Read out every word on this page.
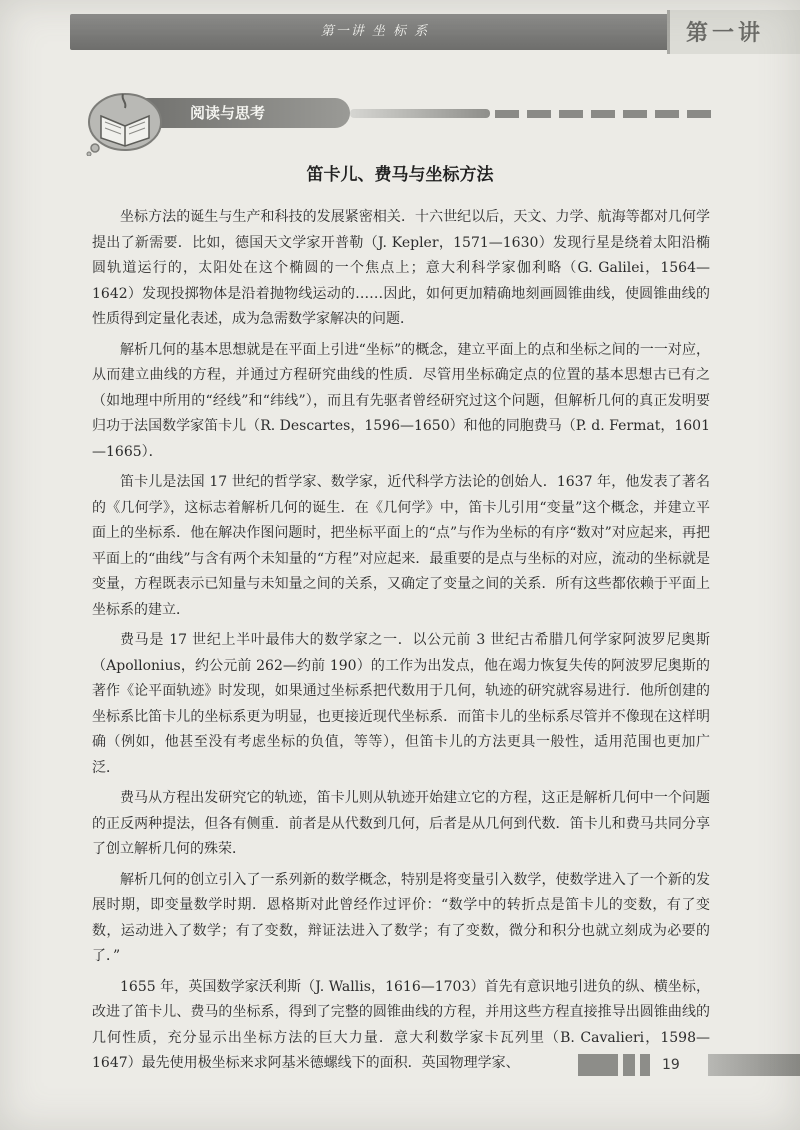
第一讲 坐 标 系	第一讲
阅读与思考
笛卡儿、费马与坐标方法

坐标方法的诞生与生产和科技的发展紧密相关．十六世纪以后，天文、力学、航海等都对几何学提出了新需要．比如，德国天文学家开普勒（J. Kepler，1571—1630）发现行星是绕着太阳沿椭圆轨道运行的，太阳处在这个椭圆的一个焦点上；意大利科学家伽利略（G. Galilei，1564—1642）发现投掷物体是沿着抛物线运动的……因此，如何更加精确地刻画圆锥曲线，使圆锥曲线的性质得到定量化表述，成为急需数学家解决的问题．

解析几何的基本思想就是在平面上引进“坐标”的概念，建立平面上的点和坐标之间的一一对应，从而建立曲线的方程，并通过方程研究曲线的性质．尽管用坐标确定点的位置的基本思想古已有之（如地理中所用的“经线”和“纬线”），而且有先驱者曾经研究过这个问题，但解析几何的真正发明要归功于法国数学家笛卡儿（R. Descartes，1596—1650）和他的同胞费马（P. d. Fermat，1601—1665）．

笛卡儿是法国 17 世纪的哲学家、数学家，近代科学方法论的创始人．1637 年，他发表了著名的《几何学》，这标志着解析几何的诞生．在《几何学》中，笛卡儿引用“变量”这个概念，并建立平面上的坐标系．他在解决作图问题时，把坐标平面上的“点”与作为坐标的有序“数对”对应起来，再把平面上的“曲线”与含有两个未知量的“方程”对应起来．最重要的是点与坐标的对应，流动的坐标就是变量，方程既表示已知量与未知量之间的关系，又确定了变量之间的关系．所有这些都依赖于平面上坐标系的建立．

费马是 17 世纪上半叶最伟大的数学家之一．以公元前 3 世纪古希腊几何学家阿波罗尼奥斯（Apollonius，约公元前 262—约前 190）的工作为出发点，他在竭力恢复失传的阿波罗尼奥斯的著作《论平面轨迹》时发现，如果通过坐标系把代数用于几何，轨迹的研究就容易进行．他所创建的坐标系比笛卡儿的坐标系更为明显，也更接近现代坐标系．而笛卡儿的坐标系尽管并不像现在这样明确（例如，他甚至没有考虑坐标的负值，等等），但笛卡儿的方法更具一般性，适用范围也更加广泛．

费马从方程出发研究它的轨迹，笛卡儿则从轨迹开始建立它的方程，这正是解析几何中一个问题的正反两种提法，但各有侧重．前者是从代数到几何，后者是从几何到代数．笛卡儿和费马共同分享了创立解析几何的殊荣．

解析几何的创立引入了一系列新的数学概念，特别是将变量引入数学，使数学进入了一个新的发展时期，即变量数学时期．恩格斯对此曾经作过评价：“数学中的转折点是笛卡儿的变数，有了变数，运动进入了数学；有了变数，辩证法进入了数学；有了变数，微分和积分也就立刻成为必要的了．”

1655 年，英国数学家沃利斯（J. Wallis，1616—1703）首先有意识地引进负的纵、横坐标，改进了笛卡儿、费马的坐标系，得到了完整的圆锥曲线的方程，并用这些方程直接推导出圆锥曲线的几何性质，充分显示出坐标方法的巨大力量．意大利数学家卡瓦列里（B. Cavalieri，1598—1647）最先使用极坐标来求阿基米德螺线下的面积．英国物理学家、	19
